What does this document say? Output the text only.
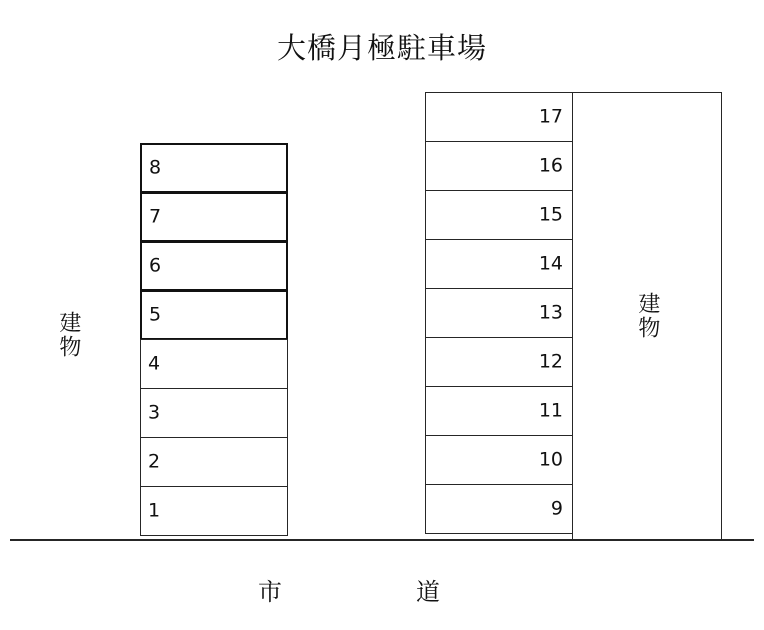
大橋月極駐車場
建物
8
7
6
5
4
3
2
1
17
16
15
14
13
12
11
10
9
建物
市	道
